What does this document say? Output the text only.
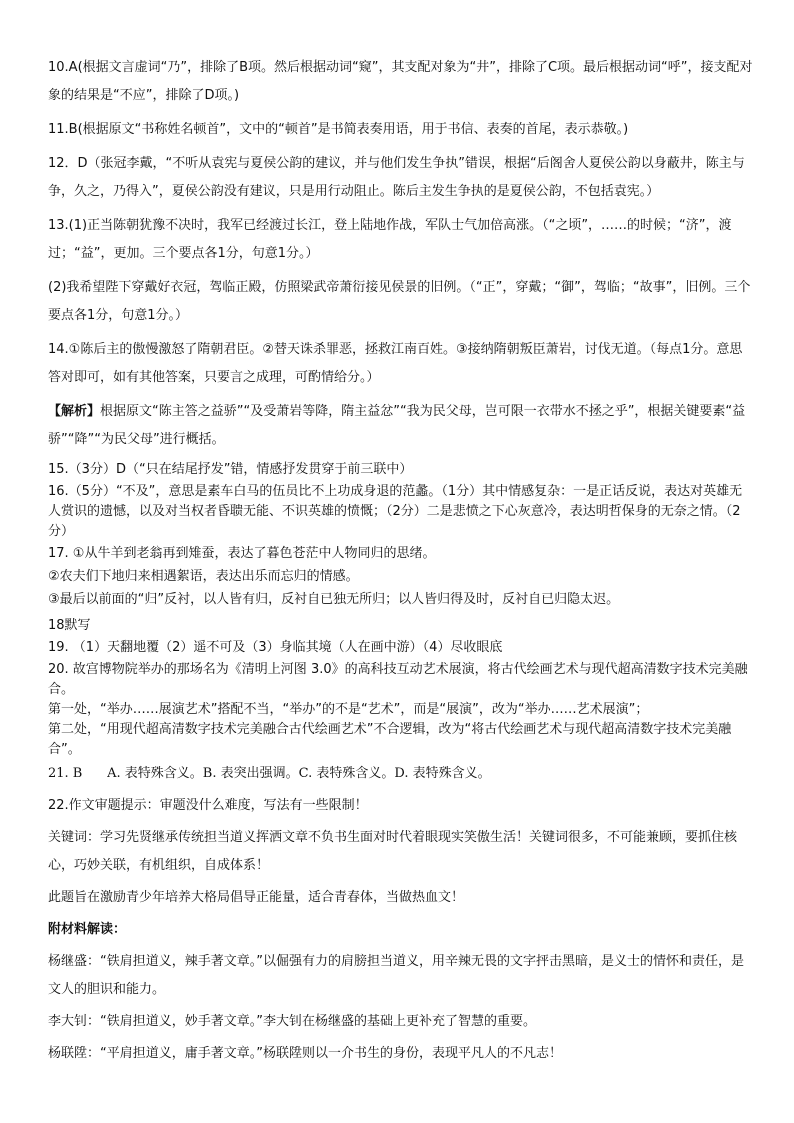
10.A(根据文言虚词“乃”，排除了B项。然后根据动词“窥”，其支配对象为“井”，排除了C项。最后根据动词“呼”，接支配对象的结果是“不应”，排除了D项。)

11.B(根据原文“书称姓名顿首”，文中的“顿首”是书简表奏用语，用于书信、表奏的首尾，表示恭敬。)

12．D（张冠李戴，“不听从袁宪与夏侯公韵的建议，并与他们发生争执”错误，根据“后阁舍人夏侯公韵以身蔽井，陈主与争，久之，乃得入”，夏侯公韵没有建议，只是用行动阻止。陈后主发生争执的是夏侯公韵，不包括袁宪。）

13.(1)正当陈朝犹豫不决时，我军已经渡过长江，登上陆地作战，军队士气加倍高涨。（“之顷”，……的时候；“济”，渡过；“益”，更加。三个要点各1分，句意1分。）

(2)我希望陛下穿戴好衣冠，驾临正殿，仿照梁武帝萧衍接见侯景的旧例。（“正”，穿戴；“御”，驾临；“故事”，旧例。三个要点各1分，句意1分。）

14.①陈后主的傲慢激怒了隋朝君臣。②替天诛杀罪恶，拯救江南百姓。③接纳隋朝叛臣萧岩，讨伐无道。（每点1分。意思答对即可，如有其他答案，只要言之成理，可酌情给分。）

【解析】根据原文“陈主答之益骄”“及受萧岩等降，隋主益忿”“我为民父母，岂可限一衣带水不拯之乎”，根据关键要素“益骄”“降”“为民父母”进行概括。

15.（3分）D（“只在结尾抒发”错，情感抒发贯穿于前三联中）

16.（5分）“不及”，意思是素车白马的伍员比不上功成身退的范蠡。（1分）其中情感复杂：一是正话反说，表达对英雄无人赏识的遗憾，以及对当权者昏聩无能、不识英雄的愤慨；（2分）二是悲愤之下心灰意冷，表达明哲保身的无奈之情。（2分）

17. ①从牛羊到老翁再到雉蚕，表达了暮色苍茫中人物同归的思绪。

②农夫们下地归来相遇絮语，表达出乐而忘归的情感。

③最后以前面的“归”反衬，以人皆有归，反衬自已独无所归；以人皆归得及时，反衬自已归隐太迟。

18默写

19. （1）天翻地覆（2）遥不可及（3）身临其境（人在画中游）（4）尽收眼底

20. 故宫博物院举办的那场名为《清明上河图 3.0》的高科技互动艺术展演，将古代绘画艺术与现代超高清数字技术完美融合。

第一处，“举办……展演艺术”搭配不当，“举办”的不是“艺术”，而是“展演”，改为“举办……艺术展演”；

第二处，“用现代超高清数字技术完美融合古代绘画艺术”不合逻辑，改为“将古代绘画艺术与现代超高清数字技术完美融合”。

21. B      A. 表特殊含义。B. 表突出强调。C. 表特殊含义。D. 表特殊含义。

22.作文审题提示：审题没什么难度，写法有一些限制！

关键词：学习先贤继承传统担当道义挥洒文章不负书生面对时代着眼现实笑傲生活！关键词很多，不可能兼顾，要抓住核心，巧妙关联，有机组织，自成体系！

此题旨在激励青少年培养大格局倡导正能量，适合青春体，当做热血文！

附材料解读：

杨继盛：“铁肩担道义，辣手著文章。”以倔强有力的肩膀担当道义，用辛辣无畏的文字抨击黑暗，是义士的情怀和责任，是文人的胆识和能力。

李大钊：“铁肩担道义，妙手著文章。”李大钊在杨继盛的基础上更补充了智慧的重要。

杨联陞：“平肩担道义，庸手著文章。”杨联陞则以一介书生的身份，表现平凡人的不凡志！
